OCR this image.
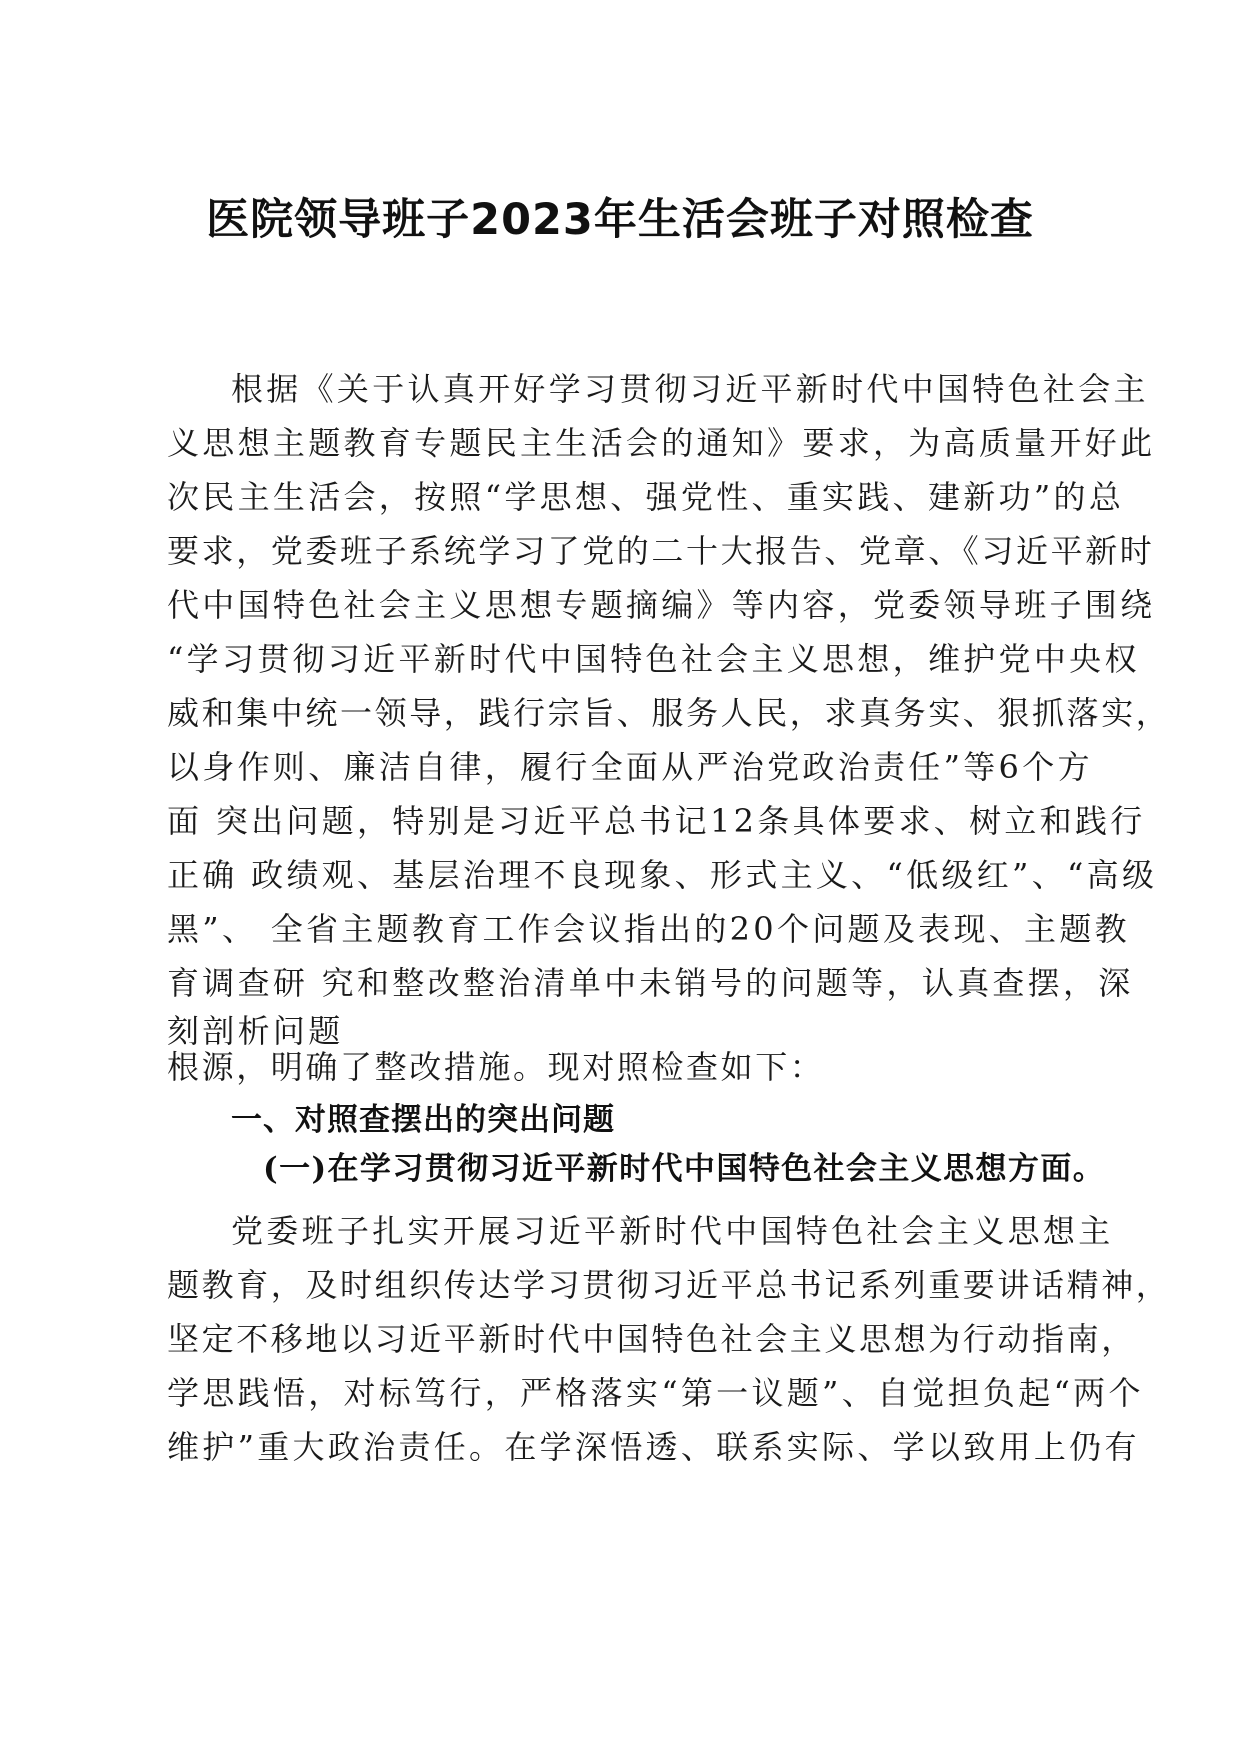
医院领导班子2023年生活会班子对照检查
根据《关于认真开好学习贯彻习近平新时代中国特色社会主
义思想主题教育专题民主生活会的通知》要求，为高质量开好此
次民主生活会，按照“学思想、强党性、重实践、建新功”的总
要求，党委班子系统学习了党的二十大报告、党章、《习近平新时
代中国特色社会主义思想专题摘编》等内容，党委领导班子围绕
“学习贯彻习近平新时代中国特色社会主义思想，维护党中央权
威和集中统一领导，践行宗旨、服务人民，求真务实、狠抓落实，
以身作则、廉洁自律，履行全面从严治党政治责任”等6个方
面 突出问题，特别是习近平总书记12条具体要求、树立和践行
正确 政绩观、基层治理不良现象、形式主义、“低级红”、“高级
黑”、 全省主题教育工作会议指出的20个问题及表现、主题教
育调查研 究和整改整治清单中未销号的问题等，认真查摆，深
刻剖析问题
一、对照查摆出的突出问题
(一)在学习贯彻习近平新时代中国特色社会主义思想方面。
党委班子扎实开展习近平新时代中国特色社会主义思想主
题教育，及时组织传达学习贯彻习近平总书记系列重要讲话精神，
坚定不移地以习近平新时代中国特色社会主义思想为行动指南，
学思践悟，对标笃行，严格落实“第一议题”、自觉担负起“两个
维护”重大政治责任。在学深悟透、联系实际、学以致用上仍有
根源，明确了整改措施。现对照检查如下：
